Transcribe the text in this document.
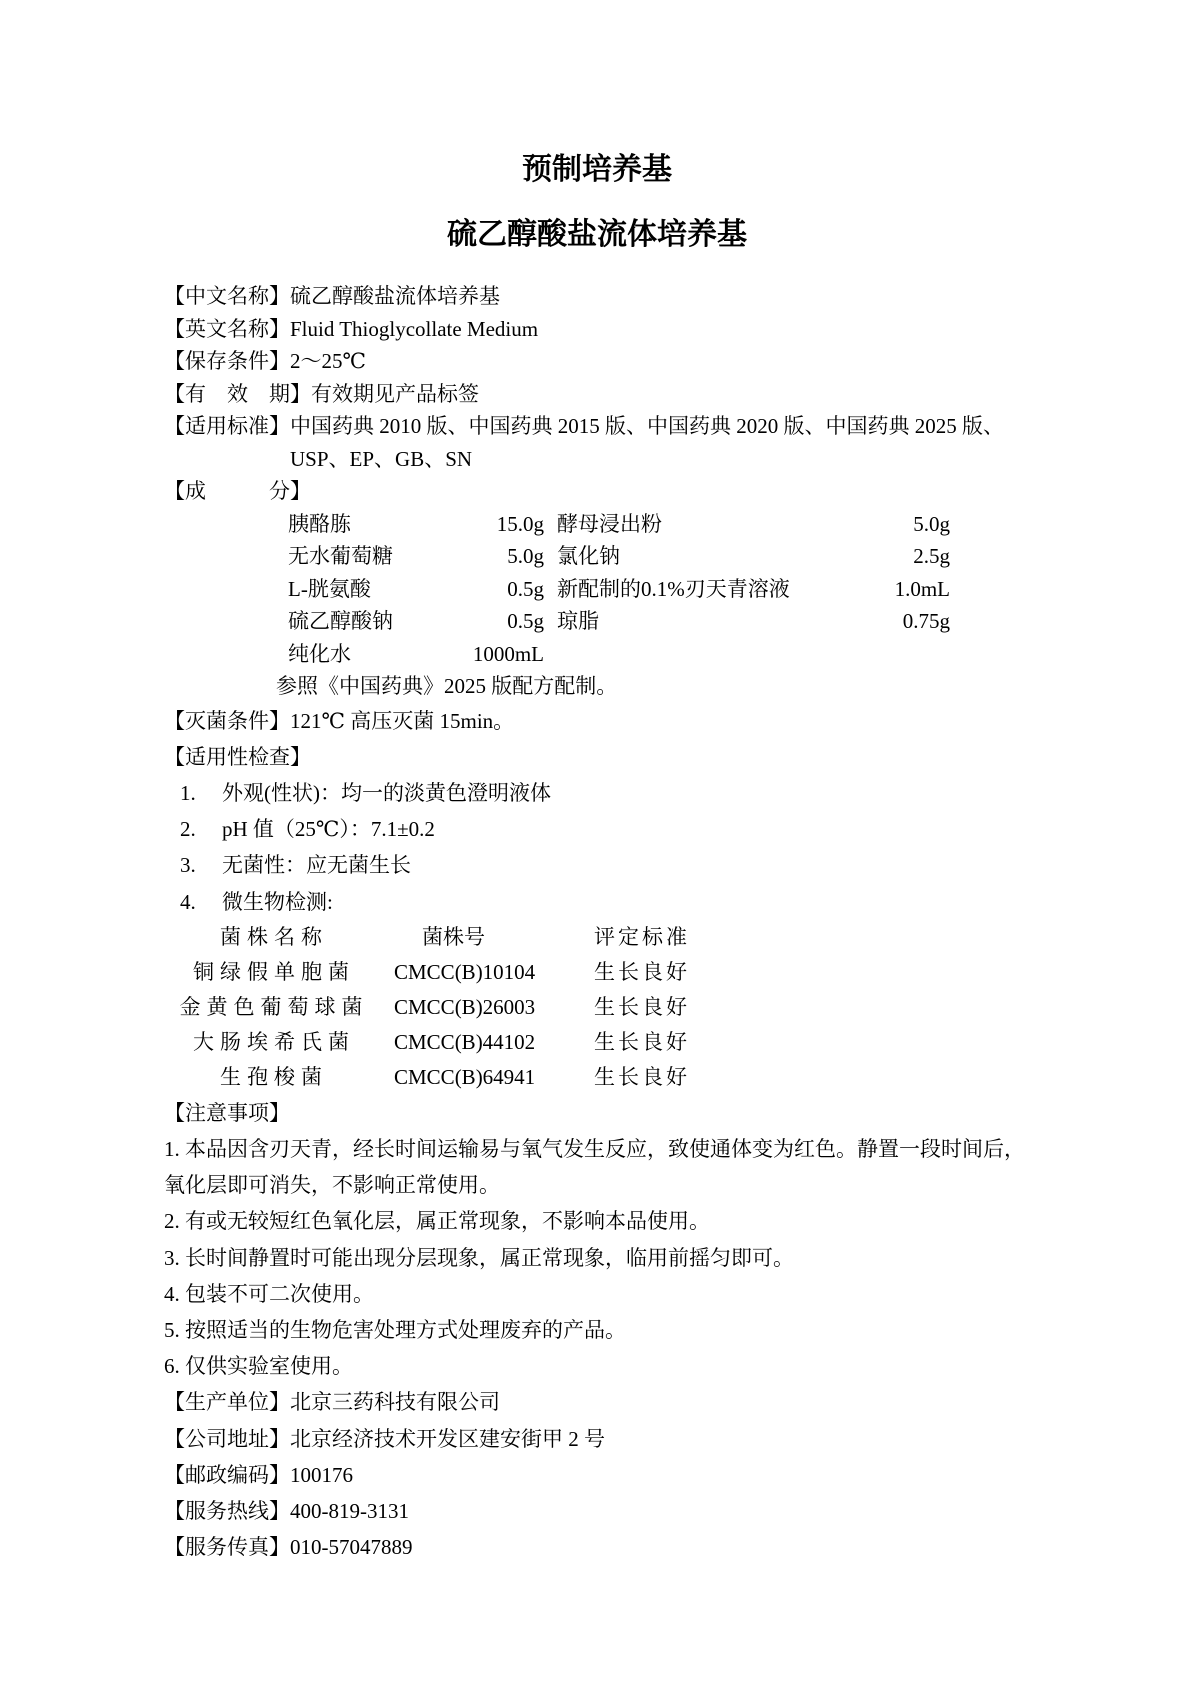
预制培养基
硫乙醇酸盐流体培养基
【中文名称】硫乙醇酸盐流体培养基
【英文名称】Fluid Thioglycollate Medium
【保存条件】2～25℃
【有　效　期】有效期见产品标签
【适用标准】中国药典 2010 版、中国药典 2015 版、中国药典 2020 版、中国药典 2025 版、
USP、EP、GB、SN
【成　　　分】
胰酪胨	15.0g 酵母浸出粉	5.0g
无水葡萄糖	5.0g 氯化钠	2.5g
L-胱氨酸	0.5g 新配制的0.1%刃天青溶液	1.0mL
硫乙醇酸钠	0.5g 琼脂	0.75g
纯化水	1000mL
参照《中国药典》2025 版配方配制。
【灭菌条件】121℃ 高压灭菌 15min。
【适用性检查】
1. 外观(性状)：均一的淡黄色澄明液体
2. pH 值（25℃）：7.1±0.2
3. 无菌性：应无菌生长
4. 微生物检测:
菌株名称	菌株号	评定标准
铜绿假单胞菌	CMCC(B)10104	生长良好
金黄色葡萄球菌	CMCC(B)26003	生长良好
大肠埃希氏菌	CMCC(B)44102	生长良好
生孢梭菌	CMCC(B)64941	生长良好
【注意事项】
1. 本品因含刃天青，经长时间运输易与氧气发生反应，致使通体变为红色。静置一段时间后，
氧化层即可消失，不影响正常使用。
2. 有或无较短红色氧化层，属正常现象，不影响本品使用。
3. 长时间静置时可能出现分层现象，属正常现象，临用前摇匀即可。
4. 包装不可二次使用。
5. 按照适当的生物危害处理方式处理废弃的产品。
6. 仅供实验室使用。
【生产单位】北京三药科技有限公司
【公司地址】北京经济技术开发区建安街甲 2 号
【邮政编码】100176
【服务热线】400-819-3131
【服务传真】010-57047889
